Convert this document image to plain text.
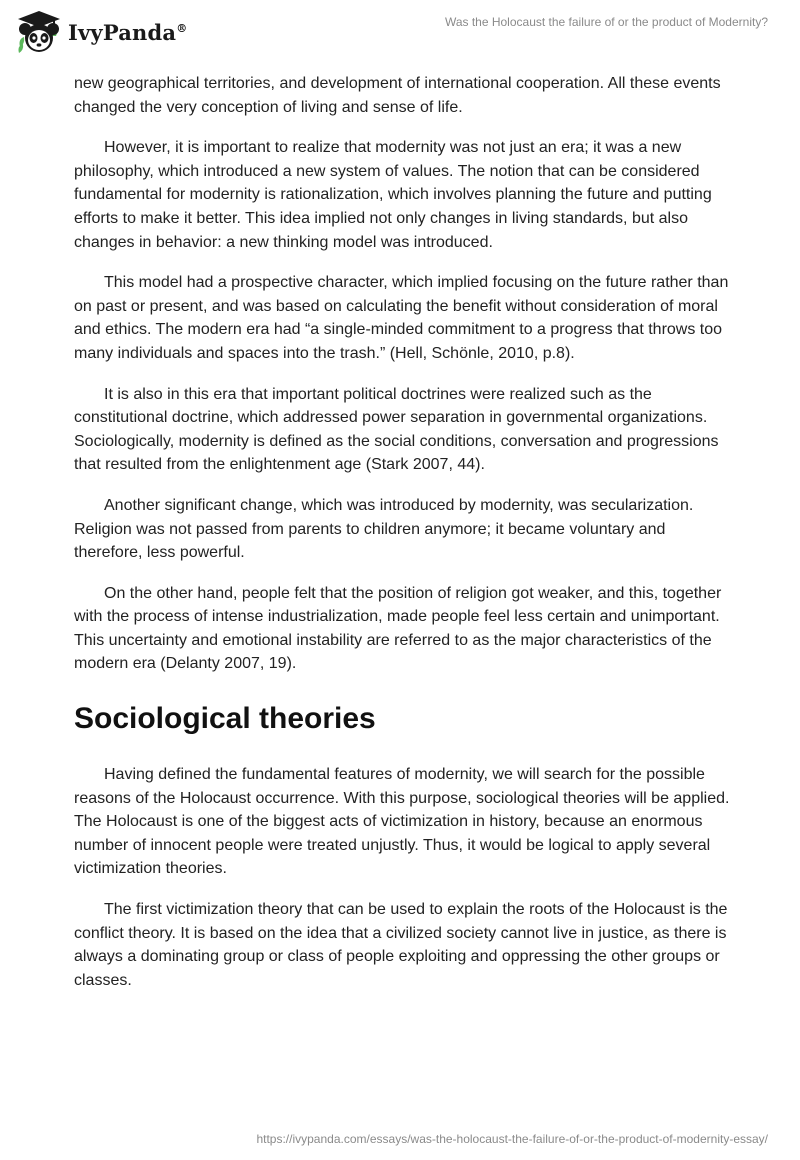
IvyPanda®	Was the Holocaust the failure of or the product of Modernity?

new geographical territories, and development of international cooperation. All these events changed the very conception of living and sense of life.

However, it is important to realize that modernity was not just an era; it was a new philosophy, which introduced a new system of values. The notion that can be considered fundamental for modernity is rationalization, which involves planning the future and putting efforts to make it better. This idea implied not only changes in living standards, but also changes in behavior: a new thinking model was introduced.

This model had a prospective character, which implied focusing on the future rather than on past or present, and was based on calculating the benefit without consideration of moral and ethics. The modern era had “a single-minded commitment to a progress that throws too many individuals and spaces into the trash.” (Hell, Schönle, 2010, p.8).

It is also in this era that important political doctrines were realized such as the constitutional doctrine, which addressed power separation in governmental organizations. Sociologically, modernity is defined as the social conditions, conversation and progressions that resulted from the enlightenment age (Stark 2007, 44).

Another significant change, which was introduced by modernity, was secularization. Religion was not passed from parents to children anymore; it became voluntary and therefore, less powerful.

On the other hand, people felt that the position of religion got weaker, and this, together with the process of intense industrialization, made people feel less certain and unimportant. This uncertainty and emotional instability are referred to as the major characteristics of the modern era (Delanty 2007, 19).

Sociological theories

Having defined the fundamental features of modernity, we will search for the possible reasons of the Holocaust occurrence. With this purpose, sociological theories will be applied. The Holocaust is one of the biggest acts of victimization in history, because an enormous number of innocent people were treated unjustly. Thus, it would be logical to apply several victimization theories.

The first victimization theory that can be used to explain the roots of the Holocaust is the conflict theory. It is based on the idea that a civilized society cannot live in justice, as there is always a dominating group or class of people exploiting and oppressing the other groups or classes.

https://ivypanda.com/essays/was-the-holocaust-the-failure-of-or-the-product-of-modernity-essay/
